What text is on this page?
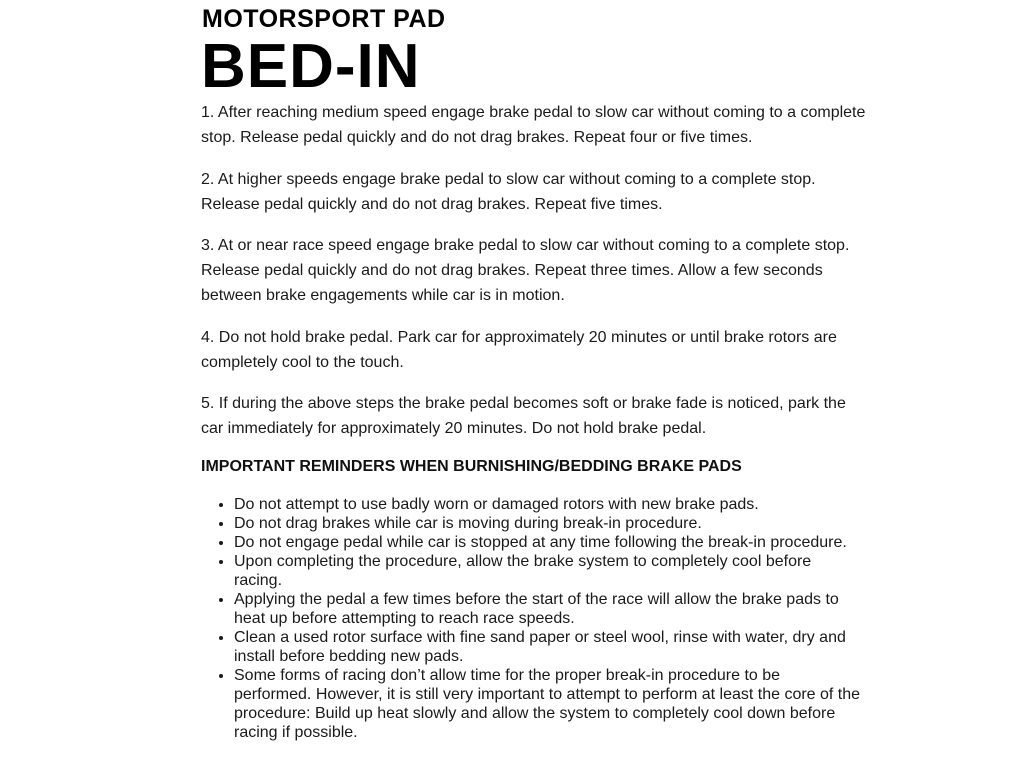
MOTORSPORT PAD
BED-IN

1. After reaching medium speed engage brake pedal to slow car without coming to a complete stop. Release pedal quickly and do not drag brakes. Repeat four or five times.

2. At higher speeds engage brake pedal to slow car without coming to a complete stop. Release pedal quickly and do not drag brakes. Repeat five times.

3. At or near race speed engage brake pedal to slow car without coming to a complete stop. Release pedal quickly and do not drag brakes. Repeat three times. Allow a few seconds between brake engagements while car is in motion.

4. Do not hold brake pedal. Park car for approximately 20 minutes or until brake rotors are completely cool to the touch.

5. If during the above steps the brake pedal becomes soft or brake fade is noticed, park the car immediately for approximately 20 minutes. Do not hold brake pedal.

IMPORTANT REMINDERS WHEN BURNISHING/BEDDING BRAKE PADS
• Do not attempt to use badly worn or damaged rotors with new brake pads.
• Do not drag brakes while car is moving during break-in procedure.
• Do not engage pedal while car is stopped at any time following the break-in procedure.
• Upon completing the procedure, allow the brake system to completely cool before racing.
• Applying the pedal a few times before the start of the race will allow the brake pads to heat up before attempting to reach race speeds.
• Clean a used rotor surface with fine sand paper or steel wool, rinse with water, dry and install before bedding new pads.
• Some forms of racing don’t allow time for the proper break-in procedure to be performed. However, it is still very important to attempt to perform at least the core of the procedure: Build up heat slowly and allow the system to completely cool down before racing if possible.
